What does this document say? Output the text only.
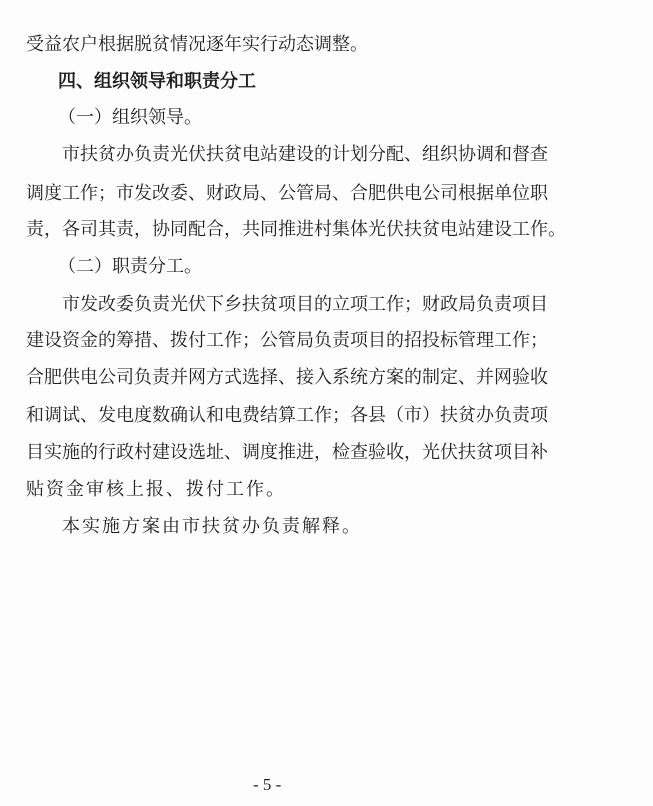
受益农户根据脱贫情况逐年实行动态调整。
四、组织领导和职责分工
（一）组织领导。
市扶贫办负责光伏扶贫电站建设的计划分配、组织协调和督查
调度工作；市发改委、财政局、公管局、合肥供电公司根据单位职
责，各司其责，协同配合，共同推进村集体光伏扶贫电站建设工作。
（二）职责分工。
市发改委负责光伏下乡扶贫项目的立项工作；财政局负责项目
建设资金的筹措、拨付工作；公管局负责项目的招投标管理工作；
合肥供电公司负责并网方式选择、接入系统方案的制定、并网验收
和调试、发电度数确认和电费结算工作；各县（市）扶贫办负责项
目实施的行政村建设选址、调度推进，检查验收，光伏扶贫项目补
贴资金审核上报、拨付工作。
本实施方案由市扶贫办负责解释。
- 5 -
